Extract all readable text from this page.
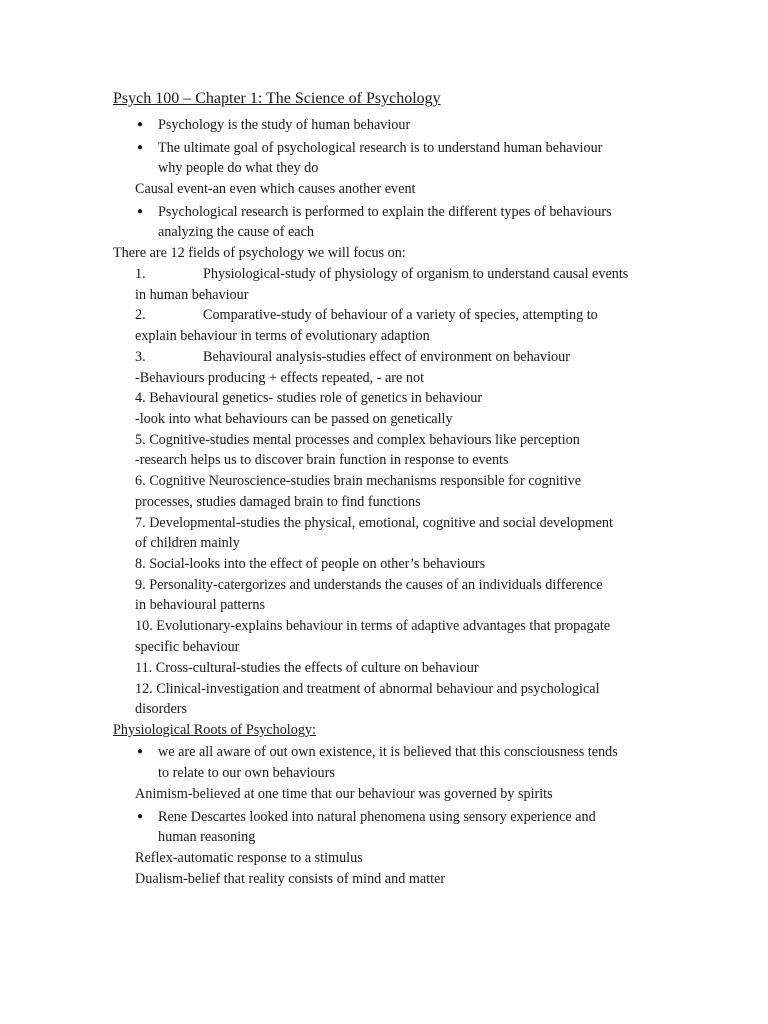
Psych 100 – Chapter 1: The Science of Psychology
● Psychology is the study of human behaviour
● The ultimate goal of psychological research is to understand human behaviour
why people do what they do
Causal event-an even which causes another event
● Psychological research is performed to explain the different types of behaviours
analyzing the cause of each
There are 12 fields of psychology we will focus on:
1.	Physiological-study of physiology of organism to understand causal events
in human behaviour
2.	Comparative-study of behaviour of a variety of species, attempting to
explain behaviour in terms of evolutionary adaption
3.	Behavioural analysis-studies effect of environment on behaviour
-Behaviours producing + effects repeated, - are not
4. Behavioural genetics- studies role of genetics in behaviour
-look into what behaviours can be passed on genetically
5. Cognitive-studies mental processes and complex behaviours like perception
-research helps us to discover brain function in response to events
6. Cognitive Neuroscience-studies brain mechanisms responsible for cognitive
processes, studies damaged brain to find functions
7. Developmental-studies the physical, emotional, cognitive and social development
of children mainly
8. Social-looks into the effect of people on other’s behaviours
9. Personality-catergorizes and understands the causes of an individuals difference
in behavioural patterns
10. Evolutionary-explains behaviour in terms of adaptive advantages that propagate
specific behaviour
11. Cross-cultural-studies the effects of culture on behaviour
12. Clinical-investigation and treatment of abnormal behaviour and psychological
disorders
Physiological Roots of Psychology:
● we are all aware of out own existence, it is believed that this consciousness tends
to relate to our own behaviours
Animism-believed at one time that our behaviour was governed by spirits
● Rene Descartes looked into natural phenomena using sensory experience and
human reasoning
Reflex-automatic response to a stimulus
Dualism-belief that reality consists of mind and matter
